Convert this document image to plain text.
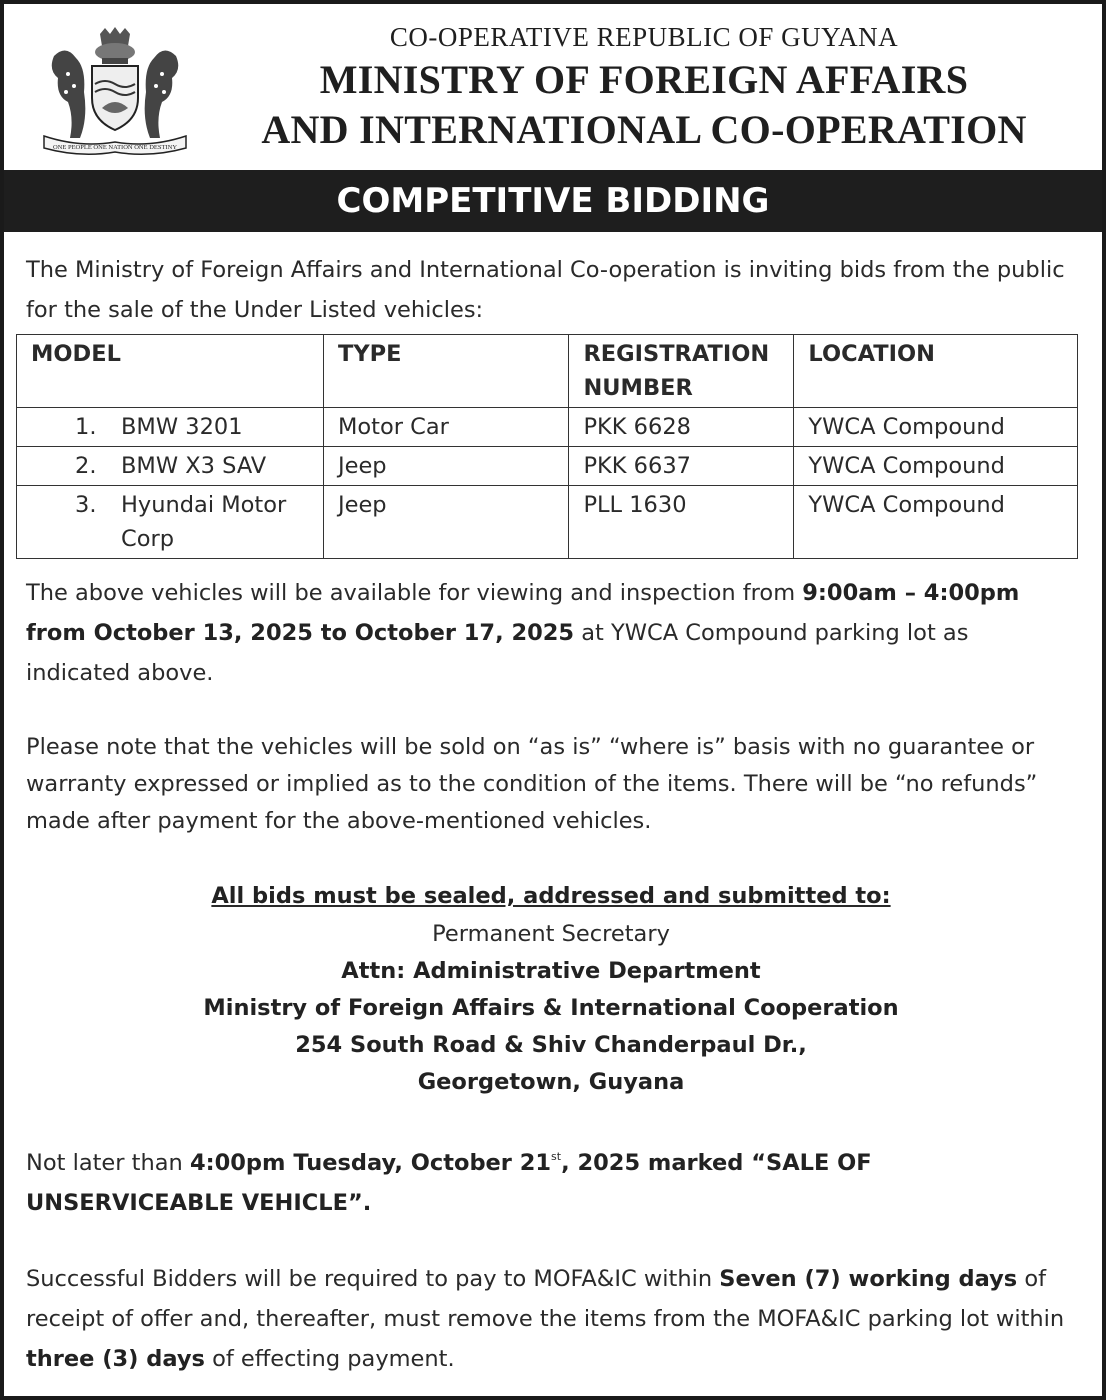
ONE PEOPLE ONE NATION ONE DESTINY
CO-OPERATIVE REPUBLIC OF GUYANA
MINISTRY OF FOREIGN AFFAIRS
AND INTERNATIONAL CO-OPERATION
COMPETITIVE BIDDING

The Ministry of Foreign Affairs and International Co-operation is inviting bids from the public for the sale of the Under Listed vehicles:

MODEL	TYPE	REGISTRATION NUMBER	LOCATION

1. BMW 3201	Motor Car	PKK 6628	YWCA Compound

2. BMW X3 SAV	Jeep	PKK 6637	YWCA Compound

3. Hyundai Motor Corp	Jeep	PLL 1630	YWCA Compound

The above vehicles will be available for viewing and inspection from 9:00am – 4:00pm from October 13, 2025 to October 17, 2025 at YWCA Compound parking lot as indicated above.

Please note that the vehicles will be sold on “as is” “where is” basis with no guarantee or warranty expressed or implied as to the condition of the items. There will be “no refunds” made after payment for the above-mentioned vehicles.

All bids must be sealed, addressed and submitted to:

Permanent Secretary

Attn: Administrative Department

Ministry of Foreign Affairs & International Cooperation

254 South Road & Shiv Chanderpaul Dr.,

Georgetown, Guyana

Not later than 4:00pm Tuesday, October 21st, 2025 marked “SALE OF UNSERVICEABLE VEHICLE”.

Successful Bidders will be required to pay to MOFA&IC within Seven (7) working days of receipt of offer and, thereafter, must remove the items from the MOFA&IC parking lot within three (3) days of effecting payment.
